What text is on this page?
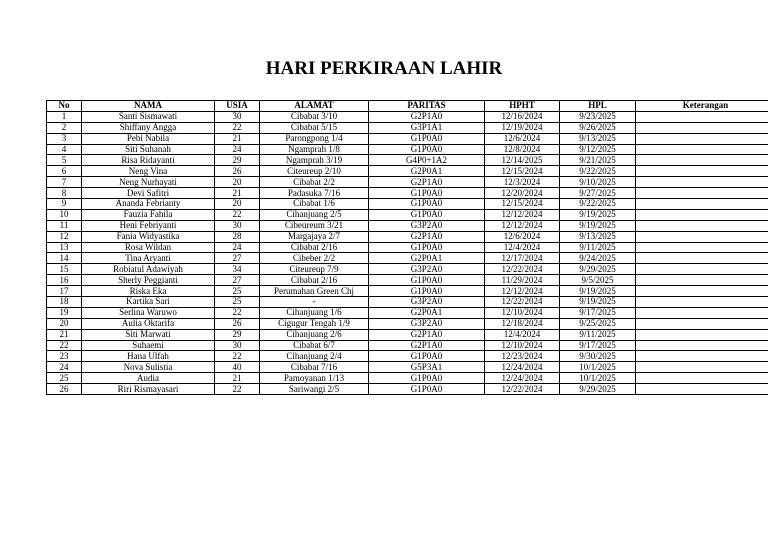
HARI PERKIRAAN LAHIR
No	NAMA	USIA	ALAMAT	PARITAS	HPHT	HPL	Keterangan
1	Santi Sismawati	30	Cibabat 3/10	G2P1A0	12/16/2024	9/23/2025	
2	Shiffany Angga	22	Cibabat 5/15	G3P1A1	12/19/2024	9/26/2025	
3	Pebi Nabila	21	Parongpong 1/4	G1P0A0	12/6/2024	9/13/2025	
4	Siti Suhanah	24	Ngamprah 1/8	G1P0A0	12/8/2024	9/12/2025	
5	Risa Ridayanti	29	Ngamprah 3/19	G4P0+1A2	12/14/2025	9/21/2025	
6	Neng Vina	26	Citeureup 2/10	G2P0A1	12/15/2024	9/22/2025	
7	Neng Nurhayati	20	Cibabat 2/2	G2P1A0	12/3/2024	9/10/2025	
8	Devi Safitri	21	Padasuka 7/16	G1P0A0	12/20/2024	9/27/2025	
9	Ananda Febrianty	20	Cibabat 1/6	G1P0A0	12/15/2024	9/22/2025	
10	Fauzia Fahila	22	Cihanjuang 2/5	G1P0A0	12/12/2024	9/19/2025	
11	Heni Febriyanti	30	Cibeureum 3/21	G3P2A0	12/12/2024	9/19/2025	
12	Fania Widyastika	28	Margajaya 2/7	G2P1A0	12/6/2024	9/13/2025	
13	Rosa Wildan	24	Cibabat 2/16	G1P0A0	12/4/2024	9/11/2025	
14	Tina Aryanti	27	Cibeber 2/2	G2P0A1	12/17/2024	9/24/2025	
15	Robiatul Adawiyah	34	Citeureup 7/9	G3P2A0	12/22/2024	9/29/2025	
16	Sherly Peggianti	27	Cibabat 2/16	G1P0A0	11/29/2024	9/5/2025	
17	Riska Eka	25	Perumahan Green Chj	G1P0A0	12/12/2024	9/19/2025	
18	Kartika Sari	25	-	G3P2A0	12/22/2024	9/19/2025	
19	Serlina Waruwo	22	Cihanjuang 1/6	G2P0A1	12/10/2024	9/17/2025	
20	Aulia Oktarifa	26	Cigugur Tengah 1/9	G3P2A0	12/18/2024	9/25/2025	
21	Siti Marwati	29	Cihanjuang 2/6	G2P1A0	12/4/2024	9/11/2025	
22	Suhaemi	30	Cibabat 6/7	G2P1A0	12/10/2024	9/17/2025	
23	Hana Ulfah	22	Cihanjuang 2/4	G1P0A0	12/23/2024	9/30/2025	
24	Nova Sulistia	40	Cibabat 7/16	G5P3A1	12/24/2024	10/1/2025	
25	Audia	21	Pamoyanan 1/13	G1P0A0	12/24/2024	10/1/2025	
26	Riri Rismayasari	22	Sariwangi 2/5	G1P0A0	12/22/2024	9/29/2025	
